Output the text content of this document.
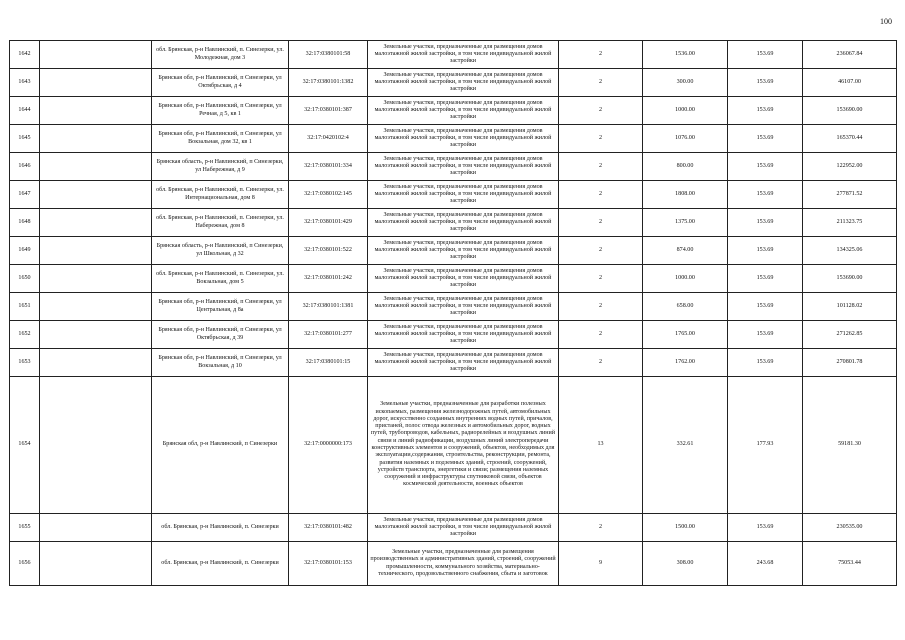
100
1642		обл. Брянская, р-н Навлинский, п. Синезерки, ул. Молодежная, дом 3	32:17:0380101:58	Земельные участки, предназначенные для размещения домов малоэтажной жилой застройки, в том числе индивидуальной жилой застройки	2	1536.00	153.69	236067.84
1643		Брянская обл, р-н Навлинский, п Синезерки, ул Октябрьская, д 4	32:17:0380101:1382	Земельные участки, предназначенные для размещения домов малоэтажной жилой застройки, в том числе индивидуальной жилой застройки	2	300.00	153.69	46107.00
1644		Брянская обл, р-н Навлинский, п Синезерки, ул Речная, д 5, кв 1	32:17:0380101:387	Земельные участки, предназначенные для размещения домов малоэтажной жилой застройки, в том числе индивидуальной жилой застройки	2	1000.00	153.69	153690.00
1645		Брянская обл, р-н Навлинский, п Синезерки, ул Вокзальная, дом 32, кв 1	32:17:0420102:4	Земельные участки, предназначенные для размещения домов малоэтажной жилой застройки, в том числе индивидуальной жилой застройки	2	1076.00	153.69	165370.44
1646		Брянская область, р-н Навлинский, п Синезерки, ул Набережная, д 9	32:17:0380101:334	Земельные участки, предназначенные для размещения домов малоэтажной жилой застройки, в том числе индивидуальной жилой застройки	2	800.00	153.69	122952.00
1647		обл. Брянская, р-н Навлинский, п. Синезерки, ул. Интернациональная, дом 8	32:17:0380102:145	Земельные участки, предназначенные для размещения домов малоэтажной жилой застройки, в том числе индивидуальной жилой застройки	2	1808.00	153.69	277871.52
1648		обл. Брянская, р-н Навлинский, п. Синезерки, ул. Набережная, дом 8	32:17:0380101:429	Земельные участки, предназначенные для размещения домов малоэтажной жилой застройки, в том числе индивидуальной жилой застройки	2	1375.00	153.69	211323.75
1649		Брянская область, р-н Навлинский, п Синезерки, ул Школьная, д 32	32:17:0380101:522	Земельные участки, предназначенные для размещения домов малоэтажной жилой застройки, в том числе индивидуальной жилой застройки	2	874.00	153.69	134325.06
1650		обл. Брянская, р-н Навлинский, п. Синезерки, ул. Вокзальная, дом 5	32:17:0380101:242	Земельные участки, предназначенные для размещения домов малоэтажной жилой застройки, в том числе индивидуальной жилой застройки	2	1000.00	153.69	153690.00
1651		Брянская обл, р-н Навлинский, п Синезерки, ул Центральная, д 8а	32:17:0380101:1381	Земельные участки, предназначенные для размещения домов малоэтажной жилой застройки, в том числе индивидуальной жилой застройки	2	658.00	153.69	101128.02
1652		Брянская обл, р-н Навлинский, п Синезерки, ул Октябрьская, д 39	32:17:0380101:277	Земельные участки, предназначенные для размещения домов малоэтажной жилой застройки, в том числе индивидуальной жилой застройки	2	1765.00	153.69	271262.85
1653		Брянская обл, р-н Навлинский, п Синезерки, ул Вокзальная, д 10	32:17:0380101:15	Земельные участки, предназначенные для размещения домов малоэтажной жилой застройки, в том числе индивидуальной жилой застройки	2	1762.00	153.69	270801.78
1654		Брянская обл, р-н Навлинский, п Синезерки	32:17:0000000:173	Земельные участки, предназначенные для разработки полезных ископаемых, размещения железнодорожных путей, автомобильных дорог, искусственно созданных внутренних водных путей, причалов, пристаней, полос отвода железных и автомобильных дорог, водных путей, трубопроводов, кабельных, радиорелейных и воздушных линий связи и линий радиофикации, воздушных линий электропередачи конструктивных элементов и сооружений, объектов, необходимых для эксплуатации,содержания, строительства, реконструкции, ремонта, развития наземных и подземных зданий, строений, сооружений, устройств транспорта, энергетики и связи; размещения наземных сооружений и инфраструктуры спутниковой связи, объектов космической деятельности, военных объектов	13	332.61	177.93	59181.30
1655		обл. Брянская, р-н Навлинский, п. Синезерки	32:17:0380101:482	Земельные участки, предназначенные для размещения домов малоэтажной жилой застройки, в том числе индивидуальной жилой застройки	2	1500.00	153.69	230535.00
1656		обл. Брянская, р-н Навлинский, п. Синезерки	32:17:0380101:153	Земельные участки, предназначенные для размещения производственных и административных зданий, строений, сооружений промышленности, коммунального хозяйства, материально-технического, продовольственного снабжения, сбыта и заготовок	9	308.00	243.68	75053.44
